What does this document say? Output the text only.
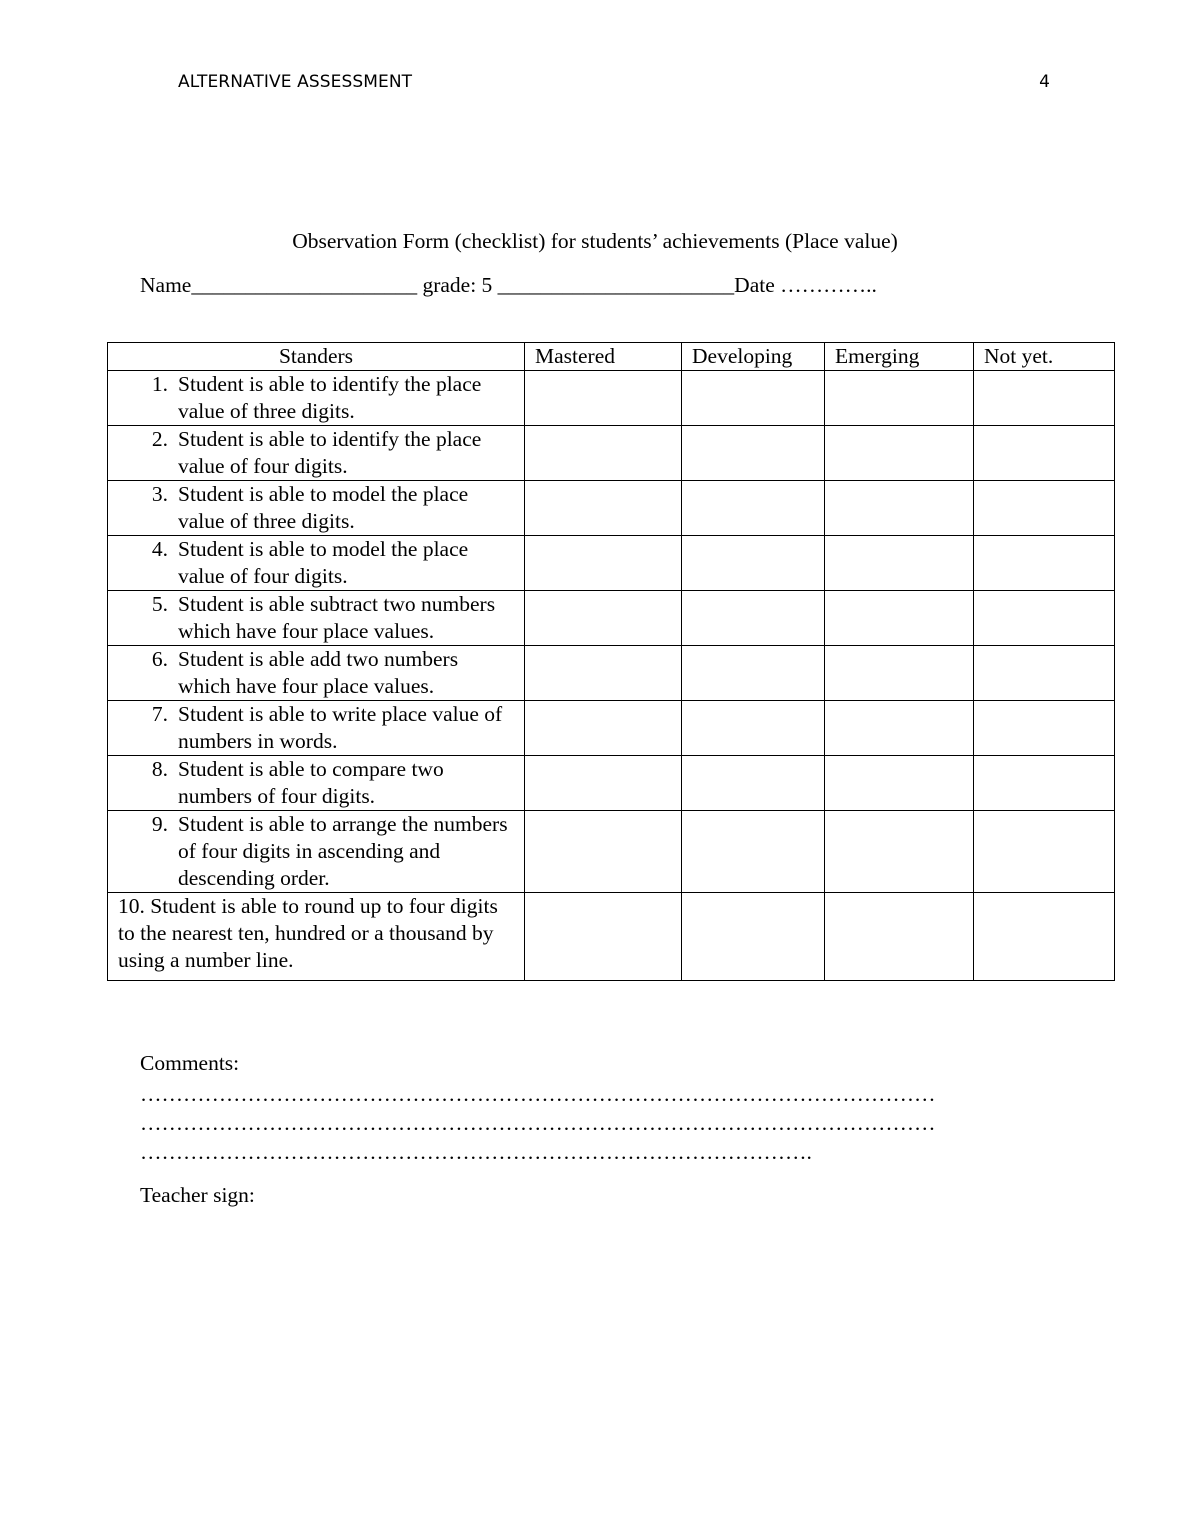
ALTERNATIVE ASSESSMENT	4
Observation Form (checklist) for students’ achievements (Place value)
Name_____________________ grade: 5 ______________________Date …………..
Standers	Mastered	Developing	Emerging	Not yet.

1. Student is able to identify the place value of three digits.				

2. Student is able to identify the place value of four digits.				

3. Student is able to model the place value of three digits.				

4. Student is able to model the place value of four digits.				

5. Student is able subtract two numbers which have four place values.				

6. Student is able add two numbers which have four place values.				

7. Student is able to write place value of numbers in words.				

8. Student is able to compare two numbers of four digits.				

9. Student is able to arrange the numbers of four digits in ascending and descending order.				

10. Student is able to round up to four digits to the nearest ten, hundred or a thousand by using a number line.				
Comments:
…………………………………………………………………………………………………
…………………………………………………………………………………………………
………………………………………………………………………………….
Teacher sign:
